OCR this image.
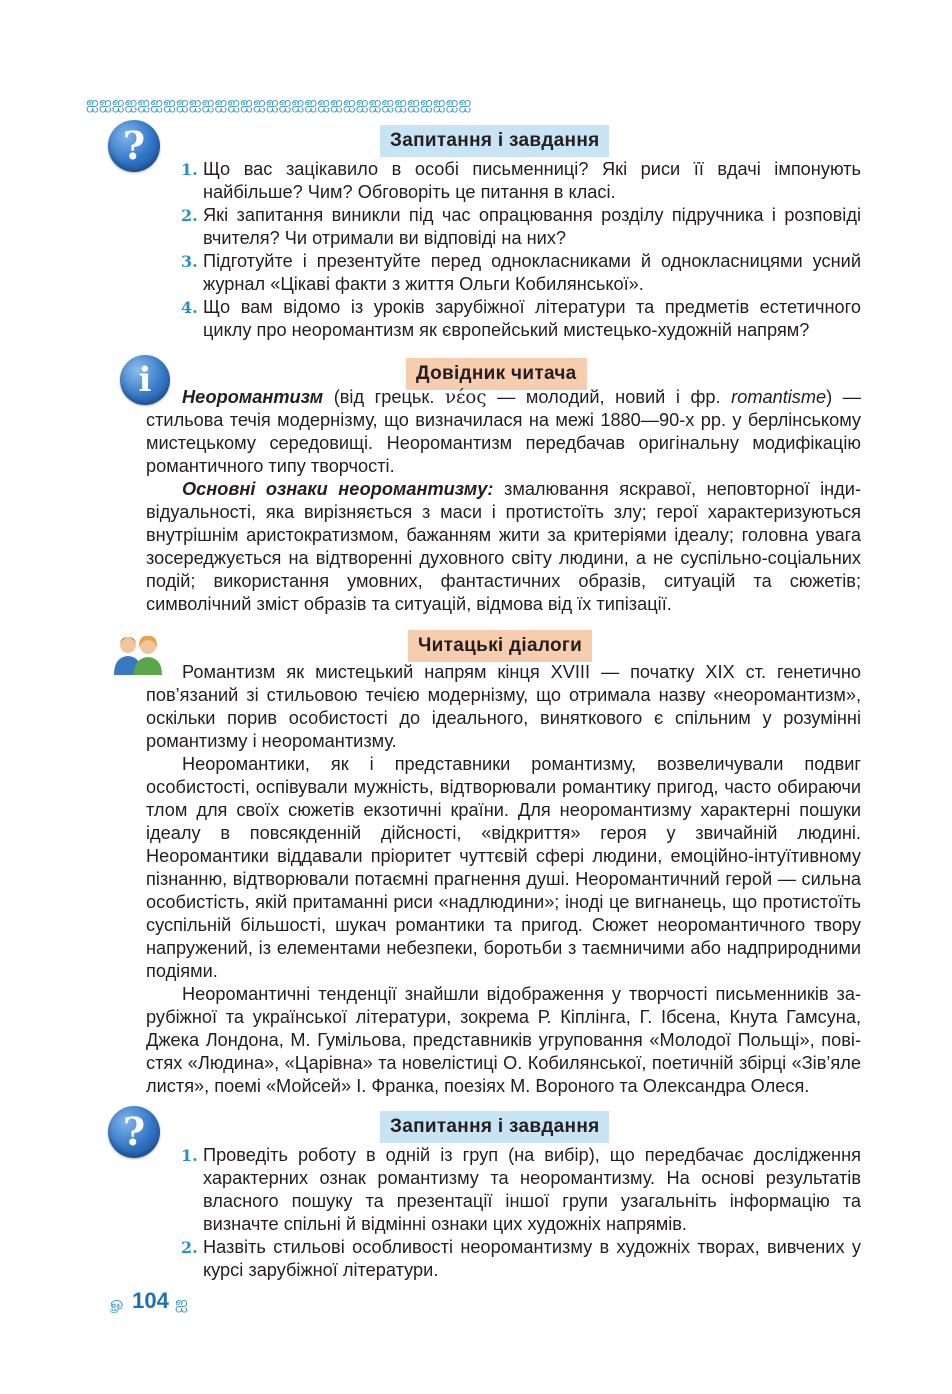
ஐஐஐஐஐஐஐஐஐஐஐஐஐஐஐஐஐஐஐஐஐஐஐஐஐஐஐஐஐஐ
?	Запитання і завдання
1. Що вас зацікавило в особі письменниці? Які риси її вдачі імпонують найбільше? Чим? Обговоріть це питання в класі.
2. Які запитання виникли під час опрацювання розділу підручника і розповіді вчителя? Чи отримали ви відповіді на них?
3. Підготуйте і презентуйте перед однокласниками й однокласницями усний журнал «Цікаві факти з життя Ольги Кобилянської».
4. Що вам відомо із уроків зарубіжної літератури та предметів естетичного циклу про неоромантизм як європейський мистецько-художній напрям?
i	Довідник читача

Неоромантизм (від грецьк. νέος — молодий, новий і фр. romantisme) — стильова течія модернізму, що визначилася на межі 1880—90-х рр. у берлінському мистецькому середовищі. Неоромантизм передбачав оригінальну модифікацію романтичного типу творчості.

Основні ознаки неоромантизму: змалювання яскравої, неповторної індивідуальності, яка вирізняється з маси і протистоїть злу; герої характеризуються внутрішнім аристократизмом, бажанням жити за критеріями ідеалу; головна увага зосереджується на відтворенні духовного світу людини, а не суспільно-соціальних подій; використання умовних, фантастичних образів, ситуацій та сюжетів; символічний зміст образів та ситуацій, відмова від їх типізації.

Читацькі діалоги

Романтизм як мистецький напрям кінця XVIII — початку XIX ст. генетично пов’язаний зі стильовою течією модернізму, що отримала назву «неоромантизм», оскільки порив особистості до ідеального, виняткового є спільним у розумінні романтизму і неоромантизму.

Неоромантики, як і представники романтизму, возвеличували подвиг особистості, оспівували мужність, відтворювали романтику пригод, часто обираючи тлом для своїх сюжетів екзотичні країни. Для неоромантизму характерні пошуки ідеалу в повсякденній дійсності, «відкриття» героя у звичайній людині. Неоромантики віддавали пріоритет чуттєвій сфері людини, емоційно-інтуїтивному пізнанню, відтворювали потаємні прагнення душі. Неоромантичний герой — сильна особистість, якій притаманні риси «надлюдини»; іноді це вигнанець, що протистоїть суспільній більшості, шукач романтики та пригод. Сюжет неоромантичного твору напружений, із елементами небезпеки, боротьби з таємничими або надприродними подіями.

Неоромантичні тенденції знайшли відображення у творчості письменників зарубіжної та української літератури, зокрема Р. Кіплінга, Г. Ібсена, Кнута Гамсуна, Джека Лондона, М. Гумільова, представників угруповання «Молодої Польщі», повістях «Людина», «Царівна» та новелістиці О. Кобилянської, поетичній збірці «Зів’яле листя», поемі «Мойсей» І. Франка, поезіях М. Вороного та Олександра Олеся.

?	Запитання і завдання
1. Проведіть роботу в одній із груп (на вибір), що передбачає дослідження характерних ознак романтизму та неоромантизму. На основі результатів власного пошуку та презентації іншої групи узагальніть інформацію та визначте спільні й відмінні ознаки цих художніх напрямів.
2. Назвіть стильові особливості неоромантизму в художніх творах, вивчених у курсі зарубіжної літератури.
ௐ 104 ஐ
